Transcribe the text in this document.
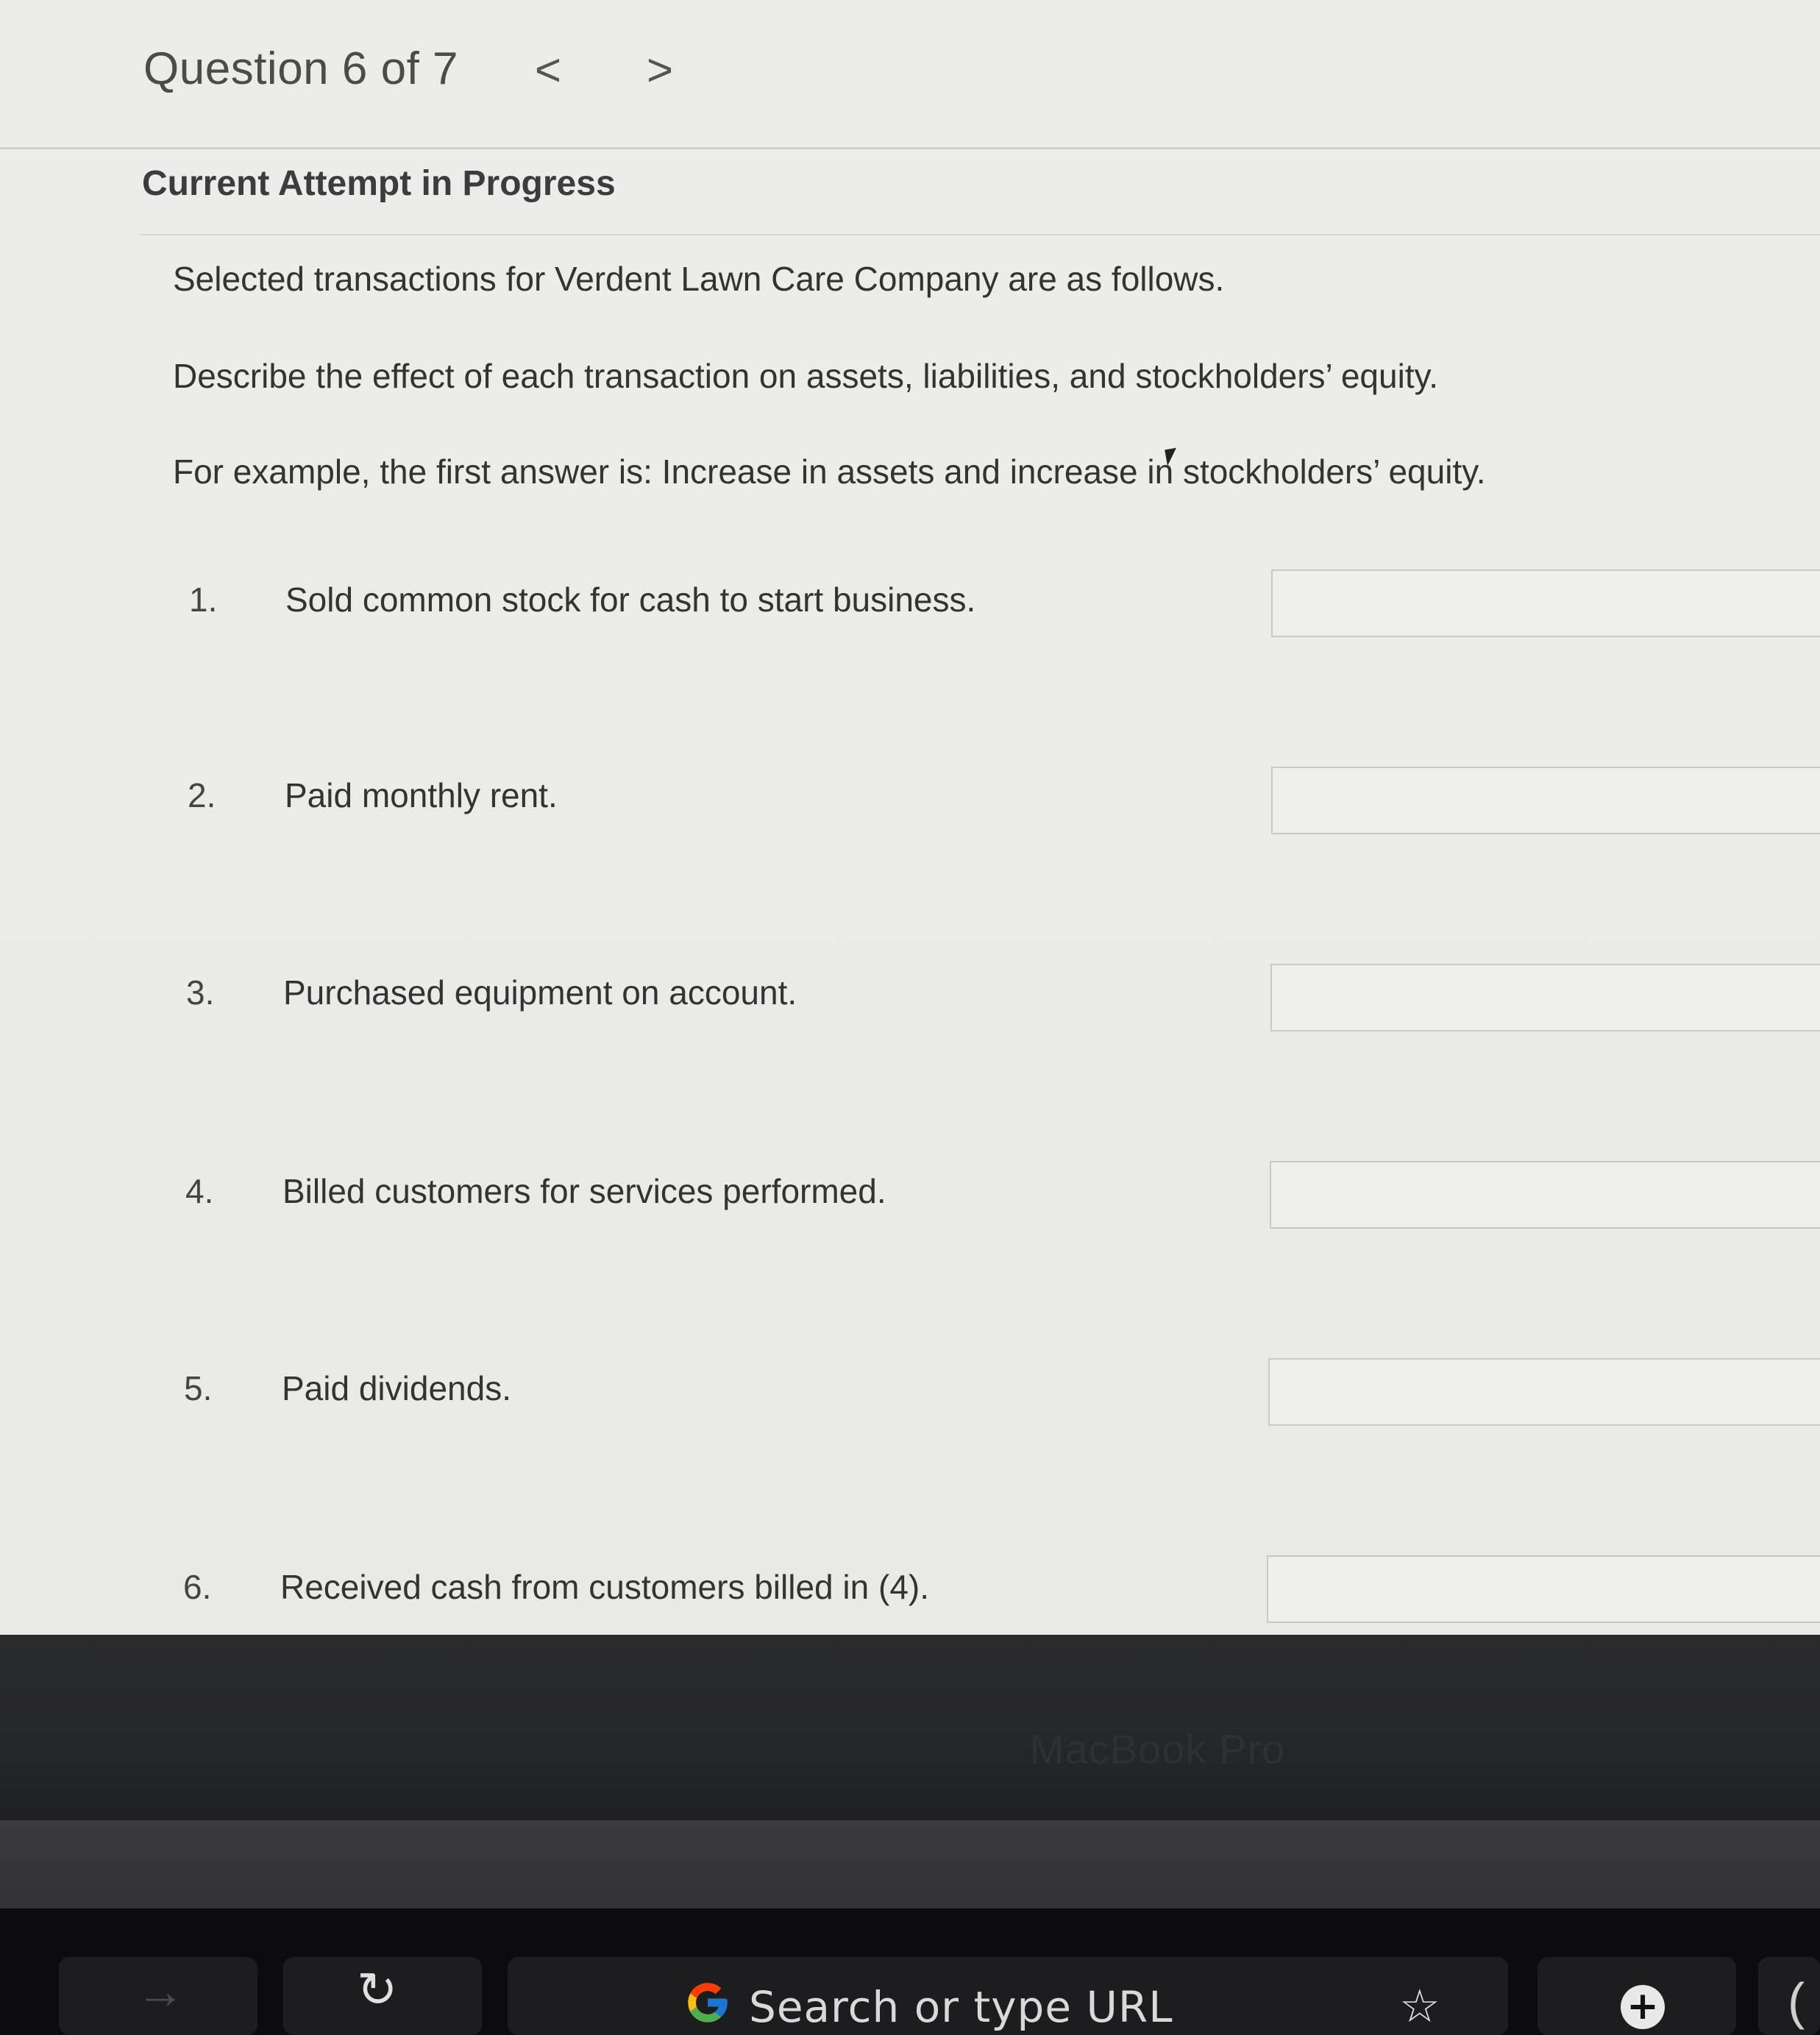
Question 6 of 7 < >
Current Attempt in Progress
Selected transactions for Verdent Lawn Care Company are as follows.
Describe the effect of each transaction on assets, liabilities, and stockholders’ equity.
For example, the first answer is: Increase in assets and increase in stockholders’ equity.
1. Sold common stock for cash to start business.
2. Paid monthly rent.
3. Purchased equipment on account.
4. Billed customers for services performed.
5. Paid dividends.
6. Received cash from customers billed in (4).
MacBook Pro
→	↻	Search or type URL	☆	+	(
